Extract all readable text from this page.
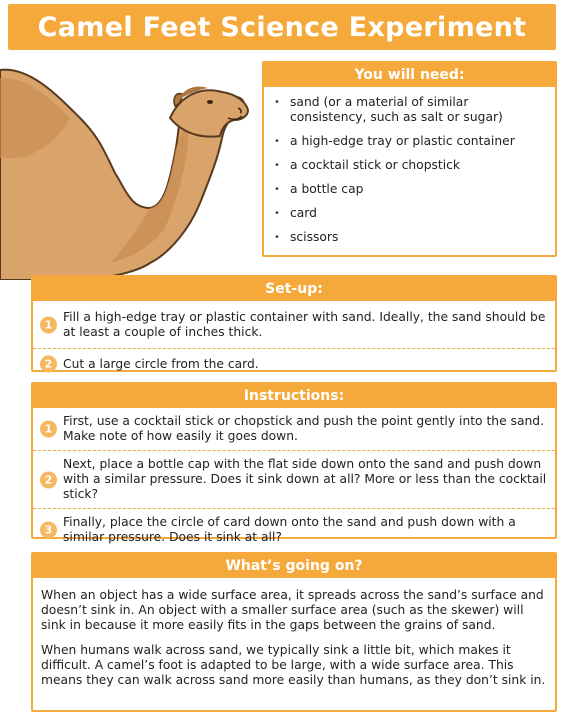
Camel Feet Science Experiment
You will need:
• sand (or a material of similar consistency, such as salt or sugar)
• a high-edge tray or plastic container
• a cocktail stick or chopstick
• a bottle cap
• card
• scissors
Set-up:
1
Fill a high-edge tray or plastic container with sand. Ideally, the sand should be at least a couple of inches thick.
2 Cut a large circle from the card.
Instructions:
1
First, use a cocktail stick or chopstick and push the point gently into the sand. Make note of how easily it goes down.
2
Next, place a bottle cap with the flat side down onto the sand and push down with a similar pressure. Does it sink down at all? More or less than the cocktail stick?
3
Finally, place the circle of card down onto the sand and push down with a similar pressure. Does it sink at all?
What’s going on?

When an object has a wide surface area, it spreads across the sand’s surface and doesn’t sink in. An object with a smaller surface area (such as the skewer) will sink in because it more easily fits in the gaps between the grains of sand.

When humans walk across sand, we typically sink a little bit, which makes it difficult. A camel’s foot is adapted to be large, with a wide surface area. This means they can walk across sand more easily than humans, as they don’t sink in.
